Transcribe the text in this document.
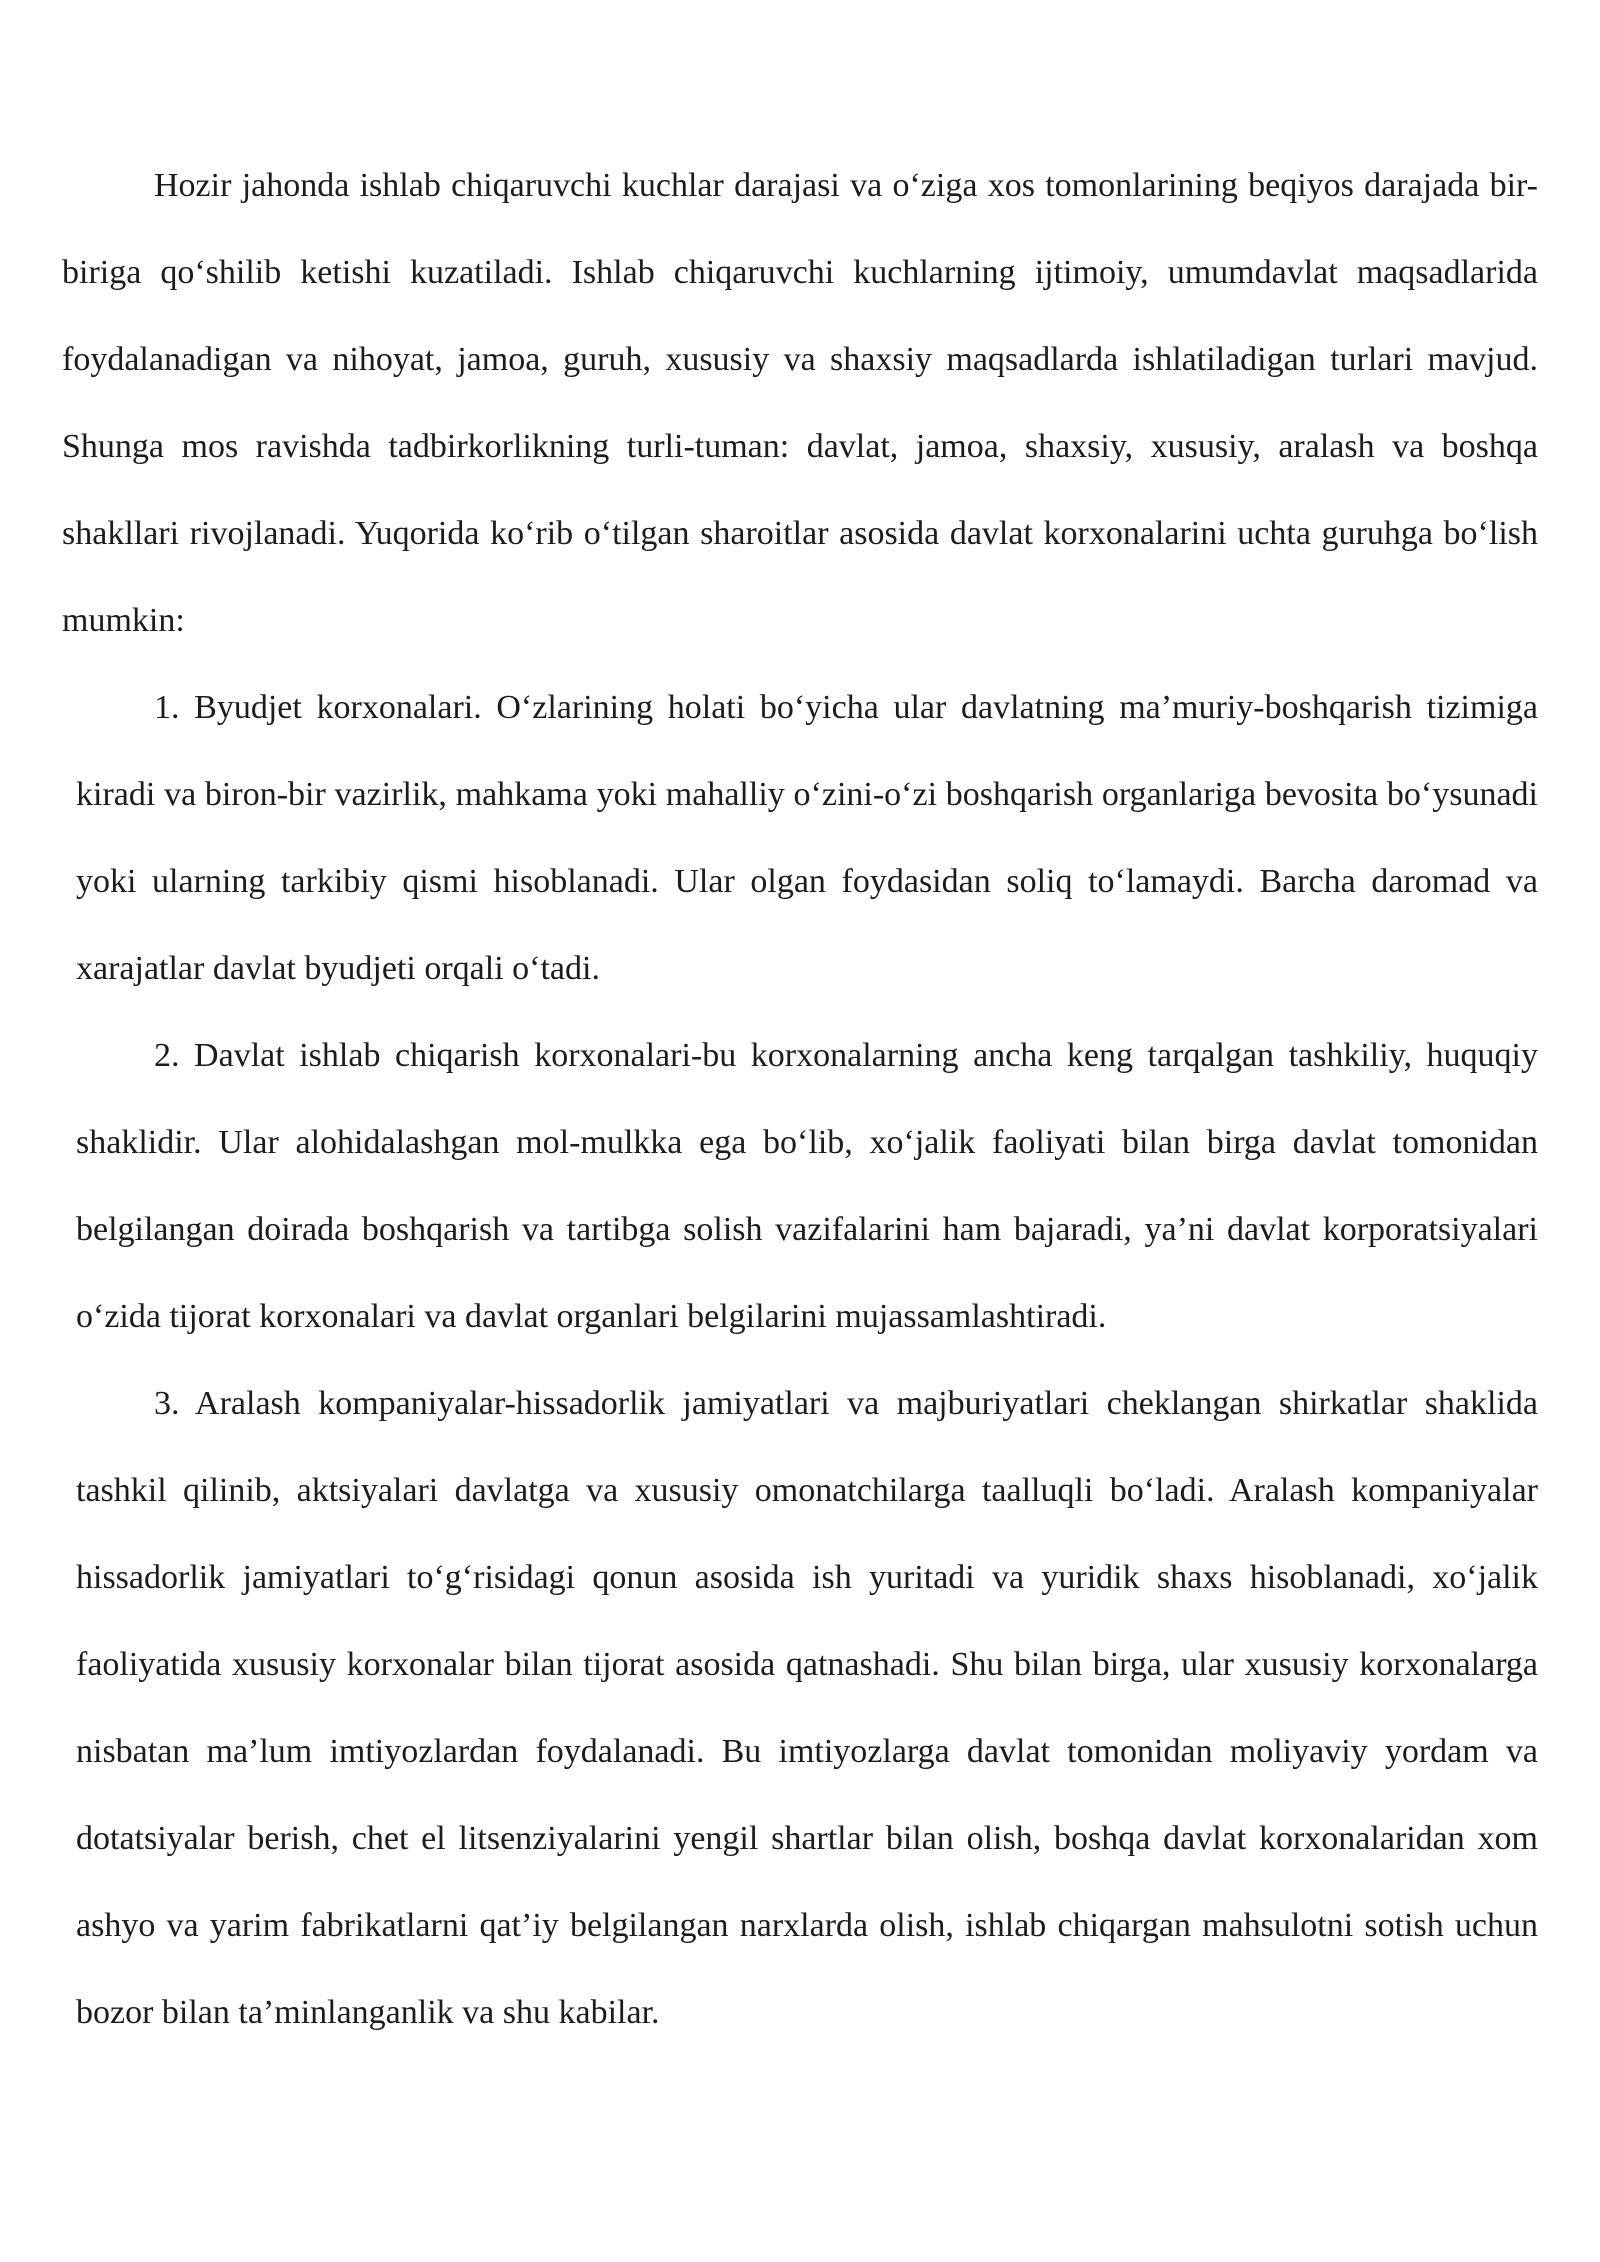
Hozir jahonda ishlab chiqaruvchi kuchlar darajasi va o‘ziga xos tomonlarining beqiyos darajada bir-biriga qo‘shilib ketishi kuzatiladi. Ishlab chiqaruvchi kuchlarning ijtimoiy, umumdavlat maqsadlarida foydalanadigan va nihoyat, jamoa, guruh, xususiy va shaxsiy maqsadlarda ishlatiladigan turlari mavjud. Shunga mos ravishda tadbirkorlikning turli-tuman: davlat, jamoa, shaxsiy, xususiy, aralash va boshqa shakllari rivojlanadi. Yuqorida ko‘rib o‘tilgan sharoitlar asosida davlat korxonalarini uchta guruhga bo‘lish mumkin:

1. Byudjet korxonalari. O‘zlarining holati bo‘yicha ular davlatning ma’muriy-boshqarish tizimiga kiradi va biron-bir vazirlik, mahkama yoki mahalliy o‘zini-o‘zi boshqarish organlariga bevosita bo‘ysunadi yoki ularning tarkibiy qismi hisoblanadi. Ular olgan foydasidan soliq to‘lamaydi. Barcha daromad va xarajatlar davlat byudjeti orqali o‘tadi.

2. Davlat ishlab chiqarish korxonalari-bu korxonalarning ancha keng tarqalgan tashkiliy, huquqiy shaklidir. Ular alohidalashgan mol-mulkka ega bo‘lib, xo‘jalik faoliyati bilan birga davlat tomonidan belgilangan doirada boshqarish va tartibga solish vazifalarini ham bajaradi, ya’ni davlat korporatsiyalari o‘zida tijorat korxonalari va davlat organlari belgilarini mujassamlashtiradi.

3. Aralash kompaniyalar-hissadorlik jamiyatlari va majburiyatlari cheklangan shirkatlar shaklida tashkil qilinib, aktsiyalari davlatga va xususiy omonatchilarga taalluqli bo‘ladi. Aralash kompaniyalar hissadorlik jamiyatlari to‘g‘risidagi qonun asosida ish yuritadi va yuridik shaxs hisoblanadi, xo‘jalik faoliyatida xususiy korxonalar bilan tijorat asosida qatnashadi. Shu bilan birga, ular xususiy korxonalarga nisbatan ma’lum imtiyozlardan foydalanadi. Bu imtiyozlarga davlat tomonidan moliyaviy yordam va dotatsiyalar berish, chet el litsenziyalarini yengil shartlar bilan olish, boshqa davlat korxonalaridan xom ashyo va yarim fabrikatlarni qat’iy belgilangan narxlarda olish, ishlab chiqargan mahsulotni sotish uchun bozor bilan ta’minlanganlik va shu kabilar.
